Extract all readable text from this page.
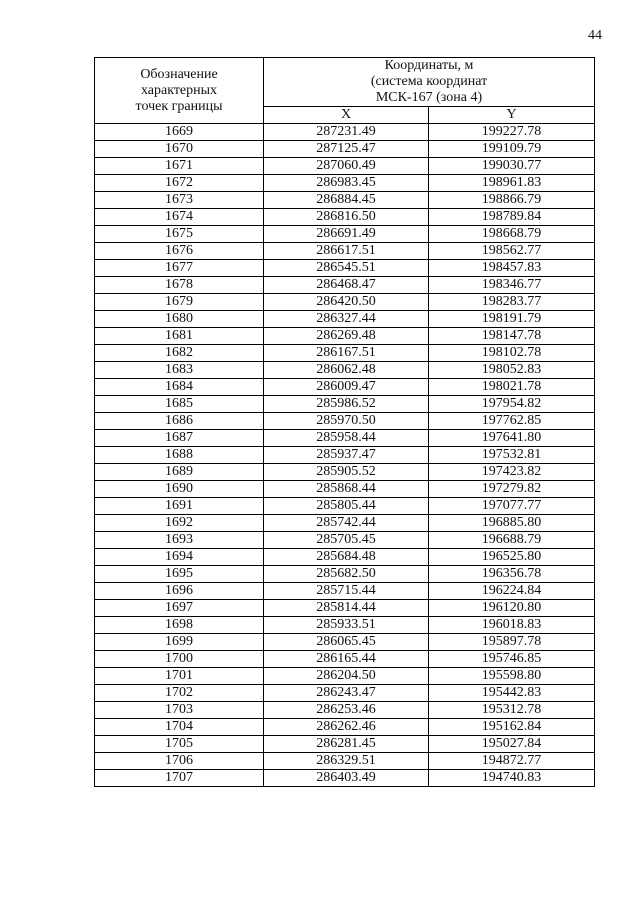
44
Обозначение
характерных
точек границы	Координаты, м
(система координат
МСК-167 (зона 4)	

	X	Y
1669	287231.49	199227.78
1670	287125.47	199109.79
1671	287060.49	199030.77
1672	286983.45	198961.83
1673	286884.45	198866.79
1674	286816.50	198789.84
1675	286691.49	198668.79
1676	286617.51	198562.77
1677	286545.51	198457.83
1678	286468.47	198346.77
1679	286420.50	198283.77
1680	286327.44	198191.79
1681	286269.48	198147.78
1682	286167.51	198102.78
1683	286062.48	198052.83
1684	286009.47	198021.78
1685	285986.52	197954.82
1686	285970.50	197762.85
1687	285958.44	197641.80
1688	285937.47	197532.81
1689	285905.52	197423.82
1690	285868.44	197279.82
1691	285805.44	197077.77
1692	285742.44	196885.80
1693	285705.45	196688.79
1694	285684.48	196525.80
1695	285682.50	196356.78
1696	285715.44	196224.84
1697	285814.44	196120.80
1698	285933.51	196018.83
1699	286065.45	195897.78
1700	286165.44	195746.85
1701	286204.50	195598.80
1702	286243.47	195442.83
1703	286253.46	195312.78
1704	286262.46	195162.84
1705	286281.45	195027.84
1706	286329.51	194872.77
1707	286403.49	194740.83
